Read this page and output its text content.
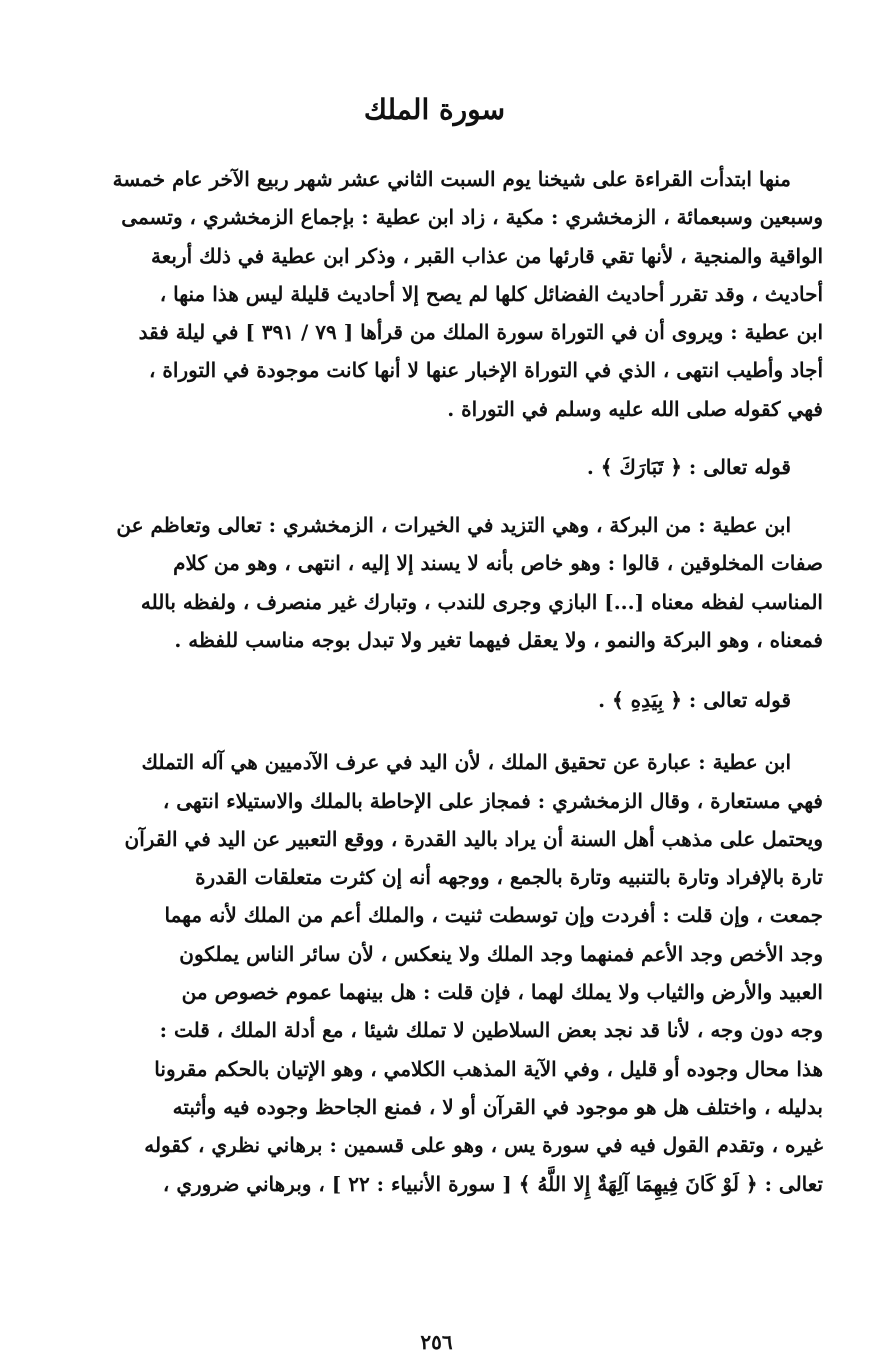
سورة الملك
منها ابتدأت القراءة على شيخنا يوم السبت الثاني عشر شهر ربيع الآخر عام خمسة
وسبعين وسبعمائة ، الزمخشري : مكية ، زاد ابن عطية : بإجماع الزمخشري ، وتسمى
الواقية والمنجية ، لأنها تقي قارئها من عذاب القبر ، وذكر ابن عطية في ذلك أربعة
أحاديث ، وقد تقرر أحاديث الفضائل كلها لم يصح إلا أحاديث قليلة ليس هذا منها ،
ابن عطية : ويروى أن في التوراة سورة الملك من قرأها [ ٧٩ / ٣٩١ ] في ليلة فقد
أجاد وأطيب انتهى ، الذي في التوراة الإخبار عنها لا أنها كانت موجودة في التوراة ،
فهي كقوله صلى الله عليه وسلم في التوراة .

قوله تعالى : ﴿ تَبَارَكَ ﴾ .

ابن عطية : من البركة ، وهي التزيد في الخيرات ، الزمخشري : تعالى وتعاظم عن
صفات المخلوقين ، قالوا : وهو خاص بأنه لا يسند إلا إليه ، انتهى ، وهو من كلام
المناسب لفظه معناه [...] البازي وجرى للندب ، وتبارك غير منصرف ، ولفظه بالله
فمعناه ، وهو البركة والنمو ، ولا يعقل فيهما تغير ولا تبدل بوجه مناسب للفظه .

قوله تعالى : ﴿ بِيَدِهِ ﴾ .

ابن عطية : عبارة عن تحقيق الملك ، لأن اليد في عرف الآدميين هي آله التملك
فهي مستعارة ، وقال الزمخشري : فمجاز على الإحاطة بالملك والاستيلاء انتهى ،
ويحتمل على مذهب أهل السنة أن يراد باليد القدرة ، ووقع التعبير عن اليد في القرآن
تارة بالإفراد وتارة بالتنبيه وتارة بالجمع ، ووجهه أنه إن كثرت متعلقات القدرة
جمعت ، وإن قلت : أفردت وإن توسطت ثنيت ، والملك أعم من الملك لأنه مهما
وجد الأخص وجد الأعم فمنهما وجد الملك ولا ينعكس ، لأن سائر الناس يملكون
العبيد والأرض والثياب ولا يملك لهما ، فإن قلت : هل بينهما عموم خصوص من
وجه دون وجه ، لأنا قد نجد بعض السلاطين لا تملك شيئا ، مع أدلة الملك ، قلت :
هذا محال وجوده أو قليل ، وفي الآية المذهب الكلامي ، وهو الإتيان بالحكم مقرونا
بدليله ، واختلف هل هو موجود في القرآن أو لا ، فمنع الجاحظ وجوده فيه وأثبته
غيره ، وتقدم القول فيه في سورة يس ، وهو على قسمين : برهاني نظري ، كقوله
تعالى : ﴿ لَوْ كَانَ فِيهِمَا آلِهَةٌ إِلا اللَّهُ ﴾ [ سورة الأنبياء : ٢٢ ] ، وبرهاني ضروري ،
٢٥٦
